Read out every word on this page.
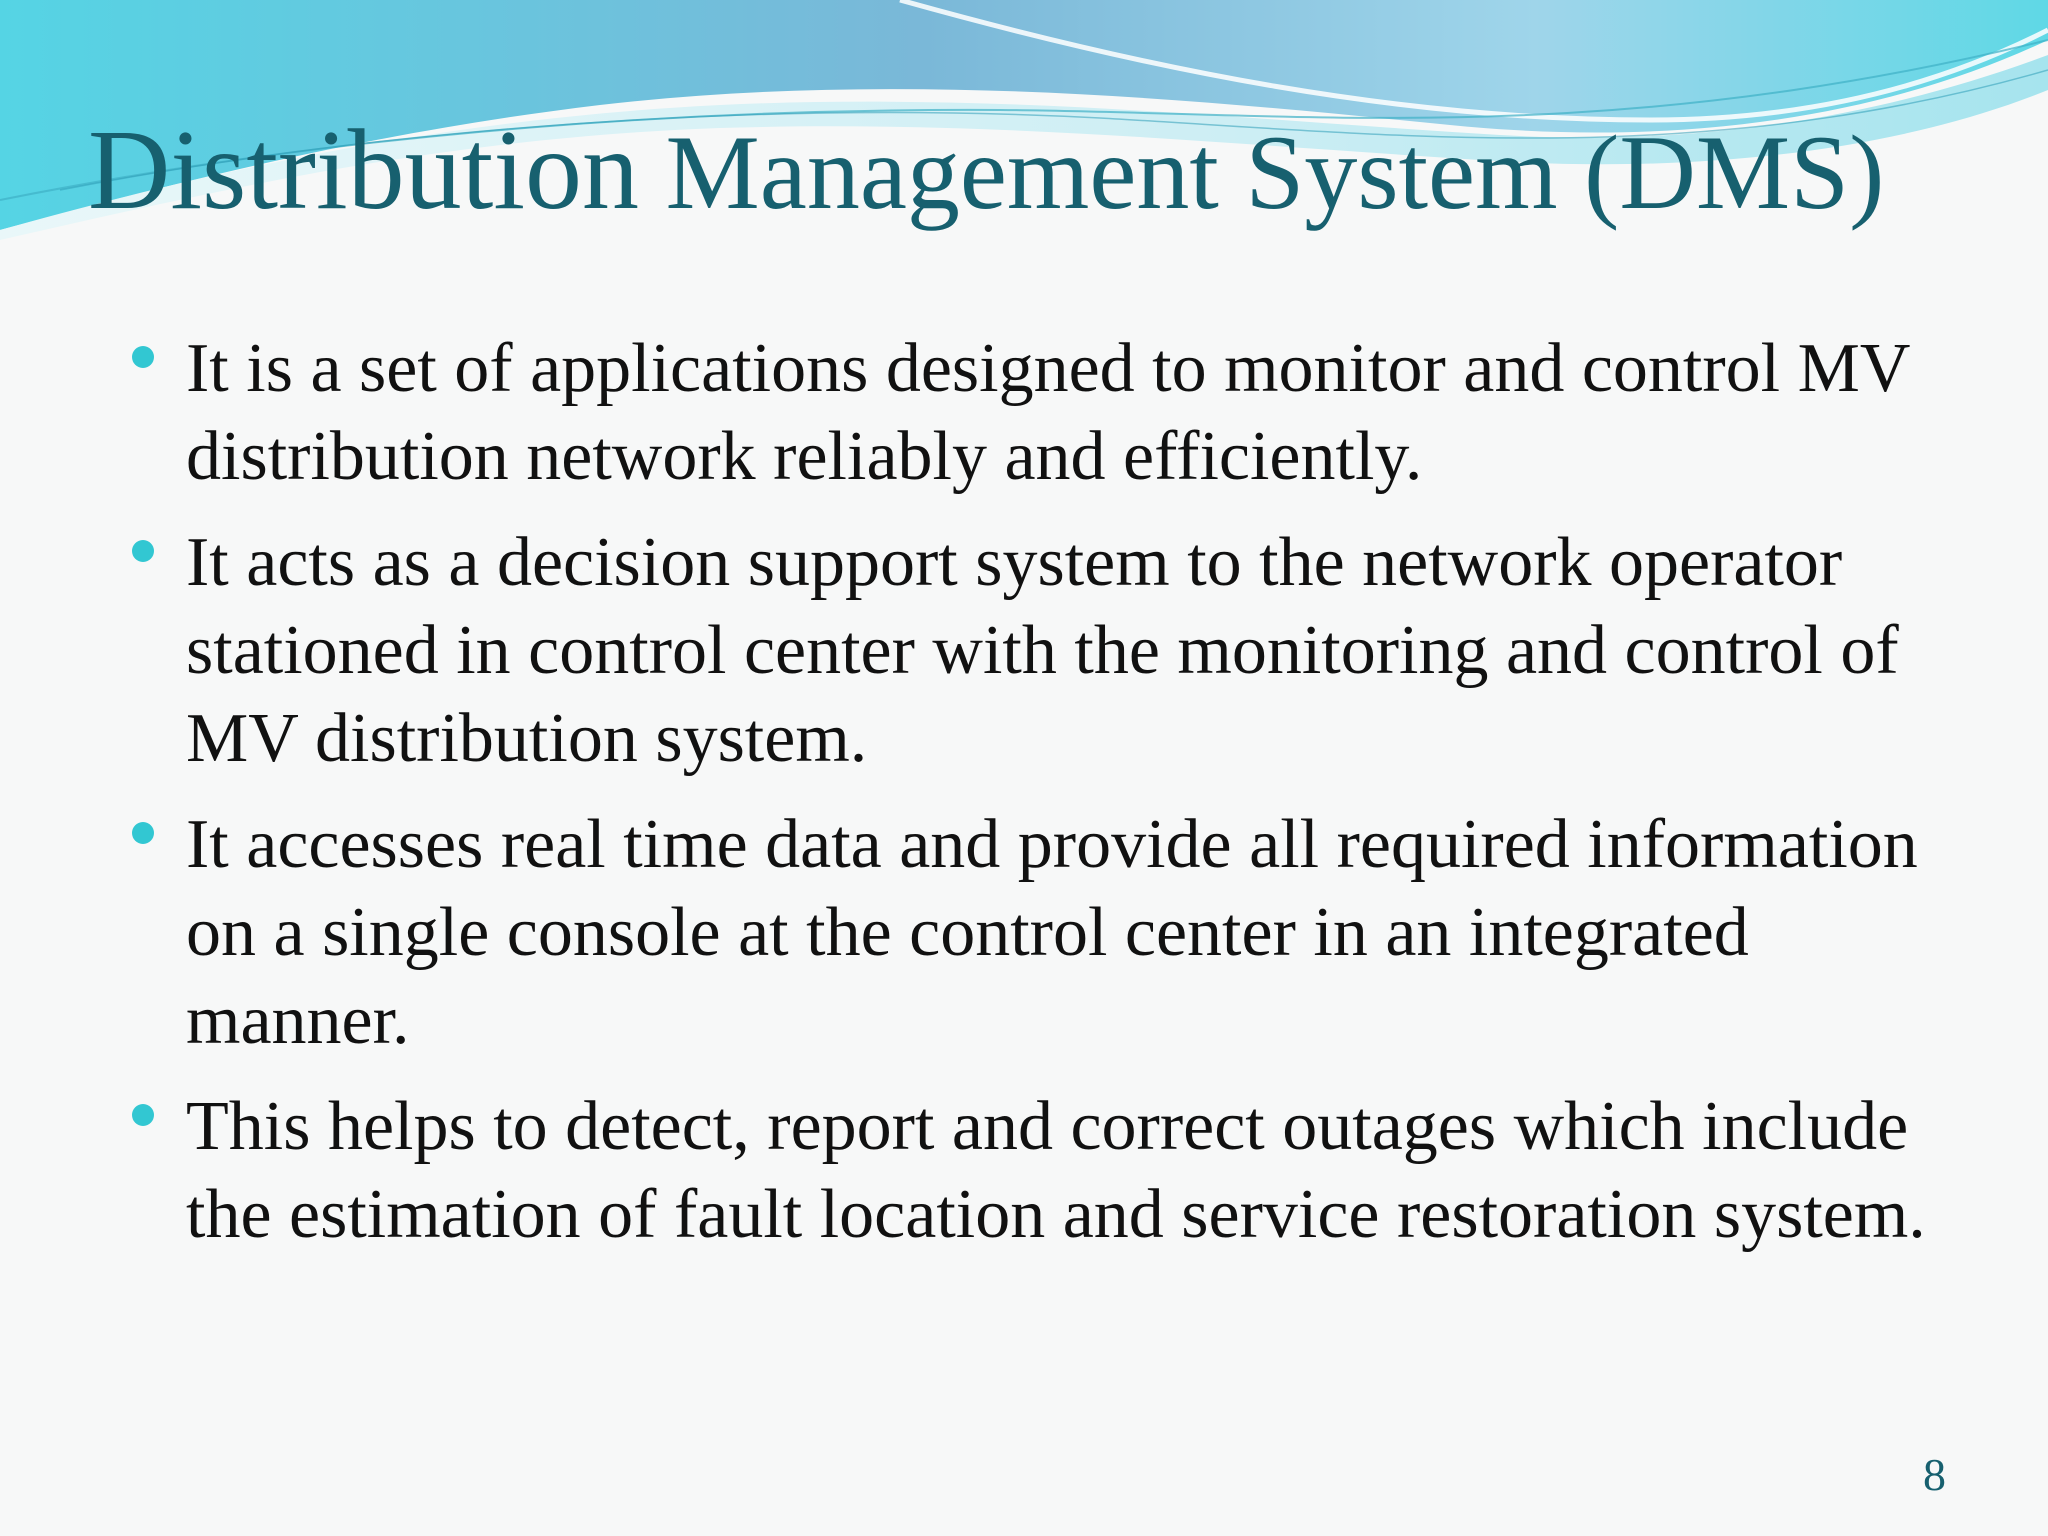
Distribution Management System (DMS)
It is a set of applications designed to monitor and control MV distribution network reliably and efficiently.
It acts as a decision support system to the network operator stationed in control center with the monitoring and control of MV distribution system.
It accesses real time data and provide all required information on a single console at the control center in an integrated manner.
This helps to detect, report and correct outages which include the estimation of fault location and service restoration system.
8
